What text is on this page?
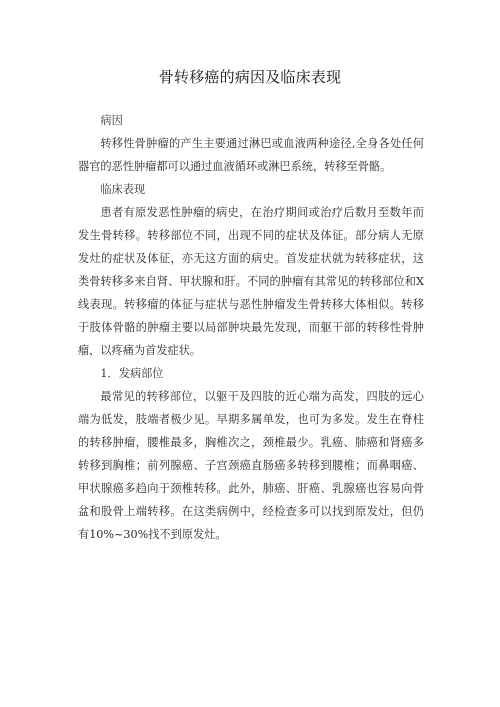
骨转移癌的病因及临床表现

病因

转移性骨肿瘤的产生主要通过淋巴或血液两种途径,全身各处任何器官的恶性肿瘤都可以通过血液循环或淋巴系统，转移至骨骼。

临床表现

患者有原发恶性肿瘤的病史，在治疗期间或治疗后数月至数年而发生骨转移。转移部位不同，出现不同的症状及体征。部分病人无原发灶的症状及体征，亦无这方面的病史。首发症状就为转移症状，这类骨转移多来自肾、甲状腺和肝。不同的肿瘤有其常见的转移部位和X线表现。转移瘤的体征与症状与恶性肿瘤发生骨转移大体相似。转移于肢体骨骼的肿瘤主要以局部肿块最先发现，而躯干部的转移性骨肿瘤，以疼痛为首发症状。

1．发病部位

最常见的转移部位，以躯干及四肢的近心端为高发，四肢的远心端为低发，肢端者极少见。早期多属单发，也可为多发。发生在脊柱的转移肿瘤，腰椎最多，胸椎次之，颈椎最少。乳癌、肺癌和肾癌多转移到胸椎；前列腺癌、子宫颈癌直肠癌多转移到腰椎；而鼻咽癌、甲状腺癌多趋向于颈椎转移。此外，肺癌、肝癌、乳腺癌也容易向骨盆和股骨上端转移。在这类病例中，经检查多可以找到原发灶，但仍有10%~30%找不到原发灶。
